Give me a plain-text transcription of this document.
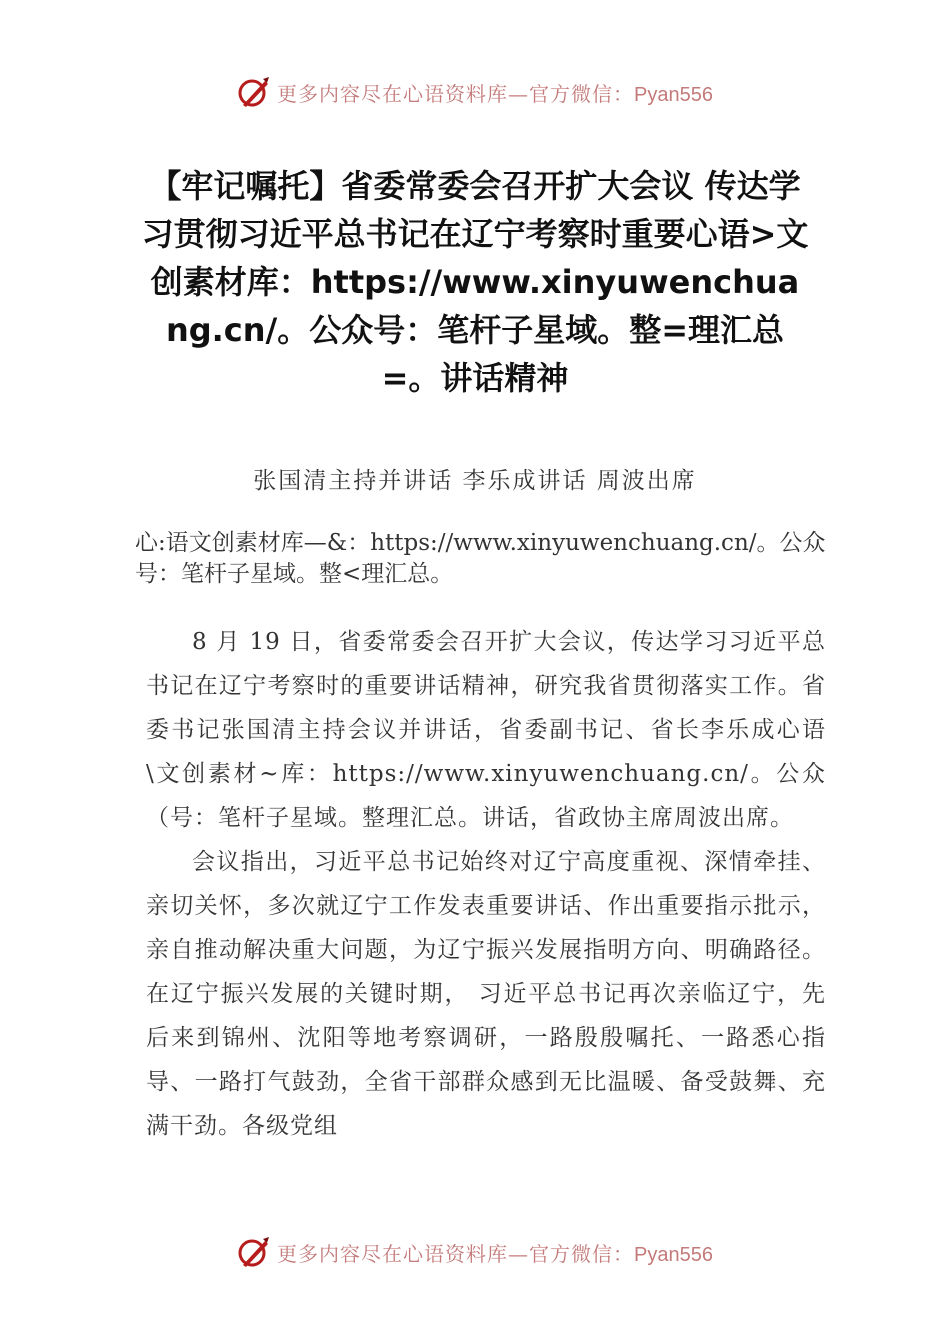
更多内容尽在心语资料库—官方微信：Pyan556
【牢记嘱托】省委常委会召开扩大会议 传达学习贯彻习近平总书记在辽宁考察时重要心语>文创素材库：https://www.xinyuwenchuang.cn/。公众号：笔杆子星域。整=理汇总=。讲话精神
张国清主持并讲话 李乐成讲话 周波出席

心:语文创素材库—&：https://www.xinyuwenchuang.cn/。公众号：笔杆子星域。整<理汇总。

8 月 19 日，省委常委会召开扩大会议，传达学习习近平总书记在辽宁考察时的重要讲话精神，研究我省贯彻落实工作。省委书记张国清主持会议并讲话，省委副书记、省长李乐成心语\文创素材~库：https://www.xinyuwenchuang.cn/。公众（号：笔杆子星域。整理汇总。讲话，省政协主席周波出席。

会议指出，习近平总书记始终对辽宁高度重视、深情牵挂、亲切关怀，多次就辽宁工作发表重要讲话、作出重要指示批示，亲自推动解决重大问题，为辽宁振兴发展指明方向、明确路径。在辽宁振兴发展的关键时期， 习近平总书记再次亲临辽宁，先后来到锦州、沈阳等地考察调研，一路殷殷嘱托、一路悉心指导、一路打气鼓劲，全省干部群众感到无比温暖、备受鼓舞、充满干劲。各级党组

更多内容尽在心语资料库—官方微信：Pyan556
